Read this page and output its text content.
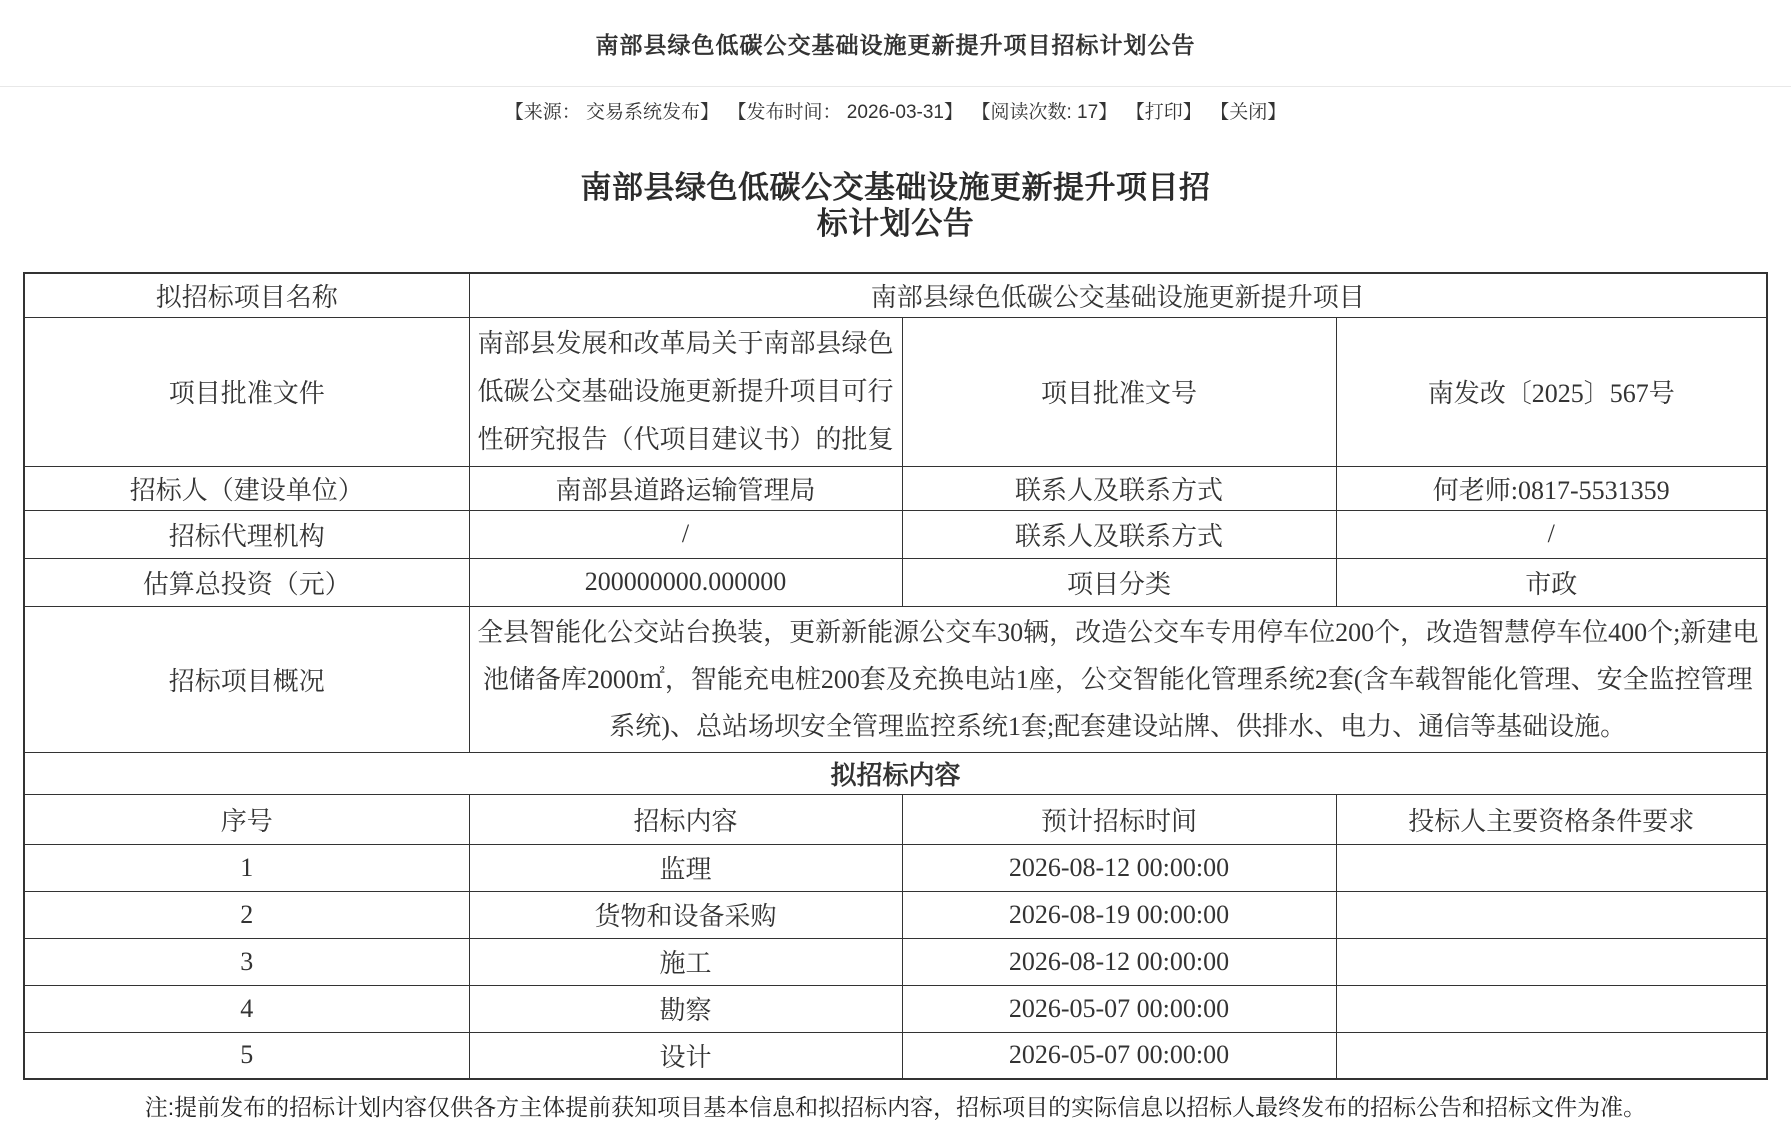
南部县绿色低碳公交基础设施更新提升项目招标计划公告
【来源： 交易系统发布】 【发布时间： 2026-03-31】 【阅读次数: 17】 【打印】 【关闭】
南部县绿色低碳公交基础设施更新提升项目招标计划公告
拟招标项目名称	南部县绿色低碳公交基础设施更新提升项目		
项目批准文件	南部县发展和改革局关于南部县绿色低碳公交基础设施更新提升项目可行性研究报告（代项目建议书）的批复	项目批准文号	南发改〔2025〕567号
招标人（建设单位）	南部县道路运输管理局	联系人及联系方式	何老师:0817-5531359
招标代理机构	/	联系人及联系方式	/
估算总投资（元）	200000000.000000	项目分类	市政
招标项目概况	全县智能化公交站台换装，更新新能源公交车30辆，改造公交车专用停车位200个，改造智慧停车位400个;新建电池储备库2000㎡，智能充电桩200套及充换电站1座，公交智能化管理系统2套(含车载智能化管理、安全监控管理系统)、总站场坝安全管理监控系统1套;配套建设站牌、供排水、电力、通信等基础设施。		
拟招标内容			
序号	招标内容	预计招标时间	投标人主要资格条件要求
1	监理	2026-08-12 00:00:00	
2	货物和设备采购	2026-08-19 00:00:00	
3	施工	2026-08-12 00:00:00	
4	勘察	2026-05-07 00:00:00	
5	设计	2026-05-07 00:00:00	
注:提前发布的招标计划内容仅供各方主体提前获知项目基本信息和拟招标内容，招标项目的实际信息以招标人最终发布的招标公告和招标文件为准。
